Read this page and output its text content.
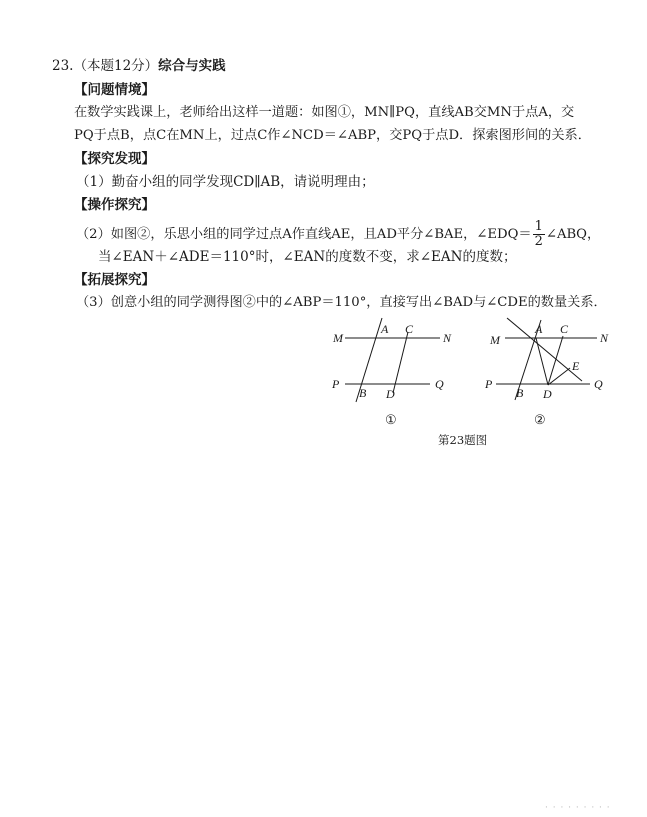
23.（本题12分）综合与实践
【问题情境】
在数学实践课上，老师给出这样一道题：如图①，MN∥PQ，直线AB交MN于点A，交
PQ于点B，点C在MN上，过点C作∠NCD＝∠ABP，交PQ于点D．探索图形间的关系．
【探究发现】
（1）勤奋小组的同学发现CD∥AB，请说明理由；
【操作探究】
（2）如图②，乐思小组的同学过点A作直线AE，且AD平分∠BAE，∠EDQ＝ $\frac{1}{2}$ ∠ABQ，
当∠EAN＋∠ADE＝110°时，∠EAN的度数不变，求∠EAN的度数；
【拓展探究】
（3）创意小组的同学测得图②中的∠ABP＝110°，直接写出∠BAD与∠CDE的数量关系．
M	N
P	Q
A
B
C
D
①
M	N
P	Q
A
B
C
D
E
②
第23题图
· · · · · · · · ·
